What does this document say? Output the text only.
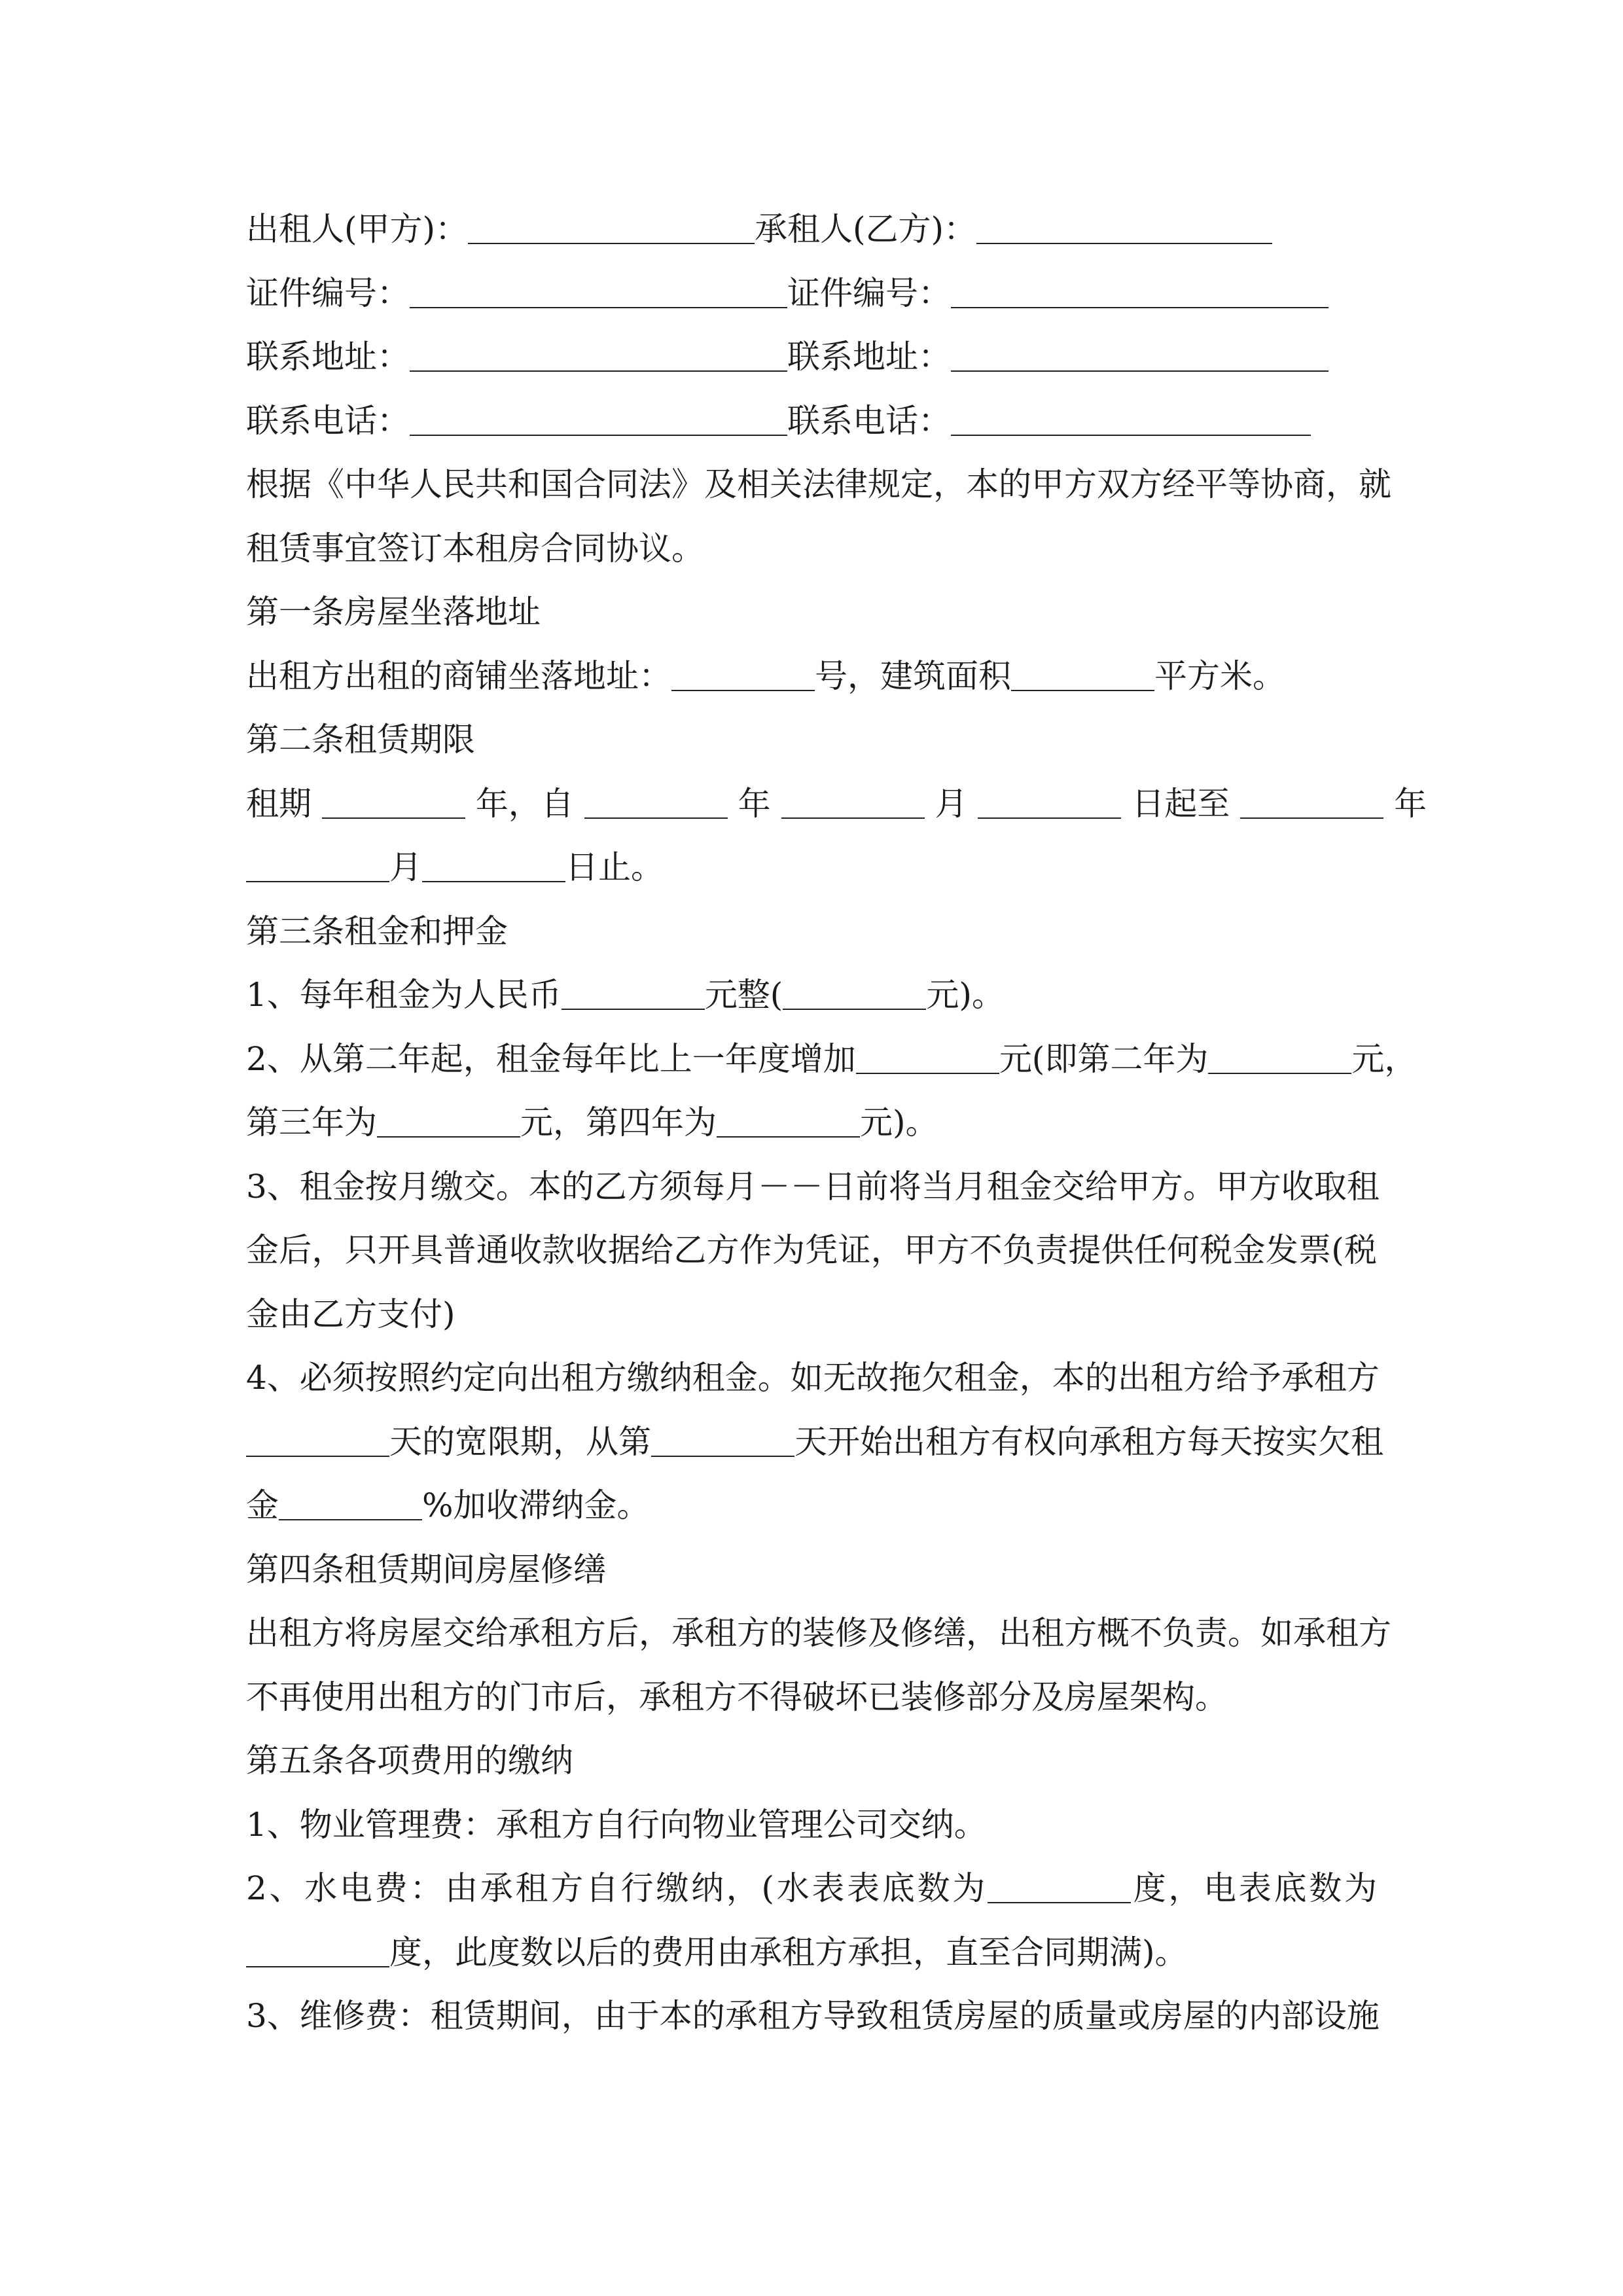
出租人(甲方)：	承租人(乙方)：
证件编号：	证件编号：
联系地址：	联系地址：
联系电话：	联系电话：
根据《中华人民共和国合同法》及相关法律规定，本的甲方双方经平等协商，就
租赁事宜签订本租房合同协议。
第一条房屋坐落地址
出租方出租的商铺坐落地址：	号，建筑面积	平方米。
第二条租赁期限
租期	年，自	年	月	日起至	年
月	日止。
第三条租金和押金
1、每年租金为人民币	元整(	元)。
2、从第二年起，租金每年比上一年度增加	元(即第二年为	元，
第三年为	元，第四年为	元)。
3、租金按月缴交。本的乙方须每月－－日前将当月租金交给甲方。甲方收取租
金后，只开具普通收款收据给乙方作为凭证，甲方不负责提供任何税金发票(税
金由乙方支付)
4、必须按照约定向出租方缴纳租金。如无故拖欠租金，本的出租方给予承租方
天的宽限期，从第	天开始出租方有权向承租方每天按实欠租
金	%加收滞纳金。
第四条租赁期间房屋修缮
出租方将房屋交给承租方后，承租方的装修及修缮，出租方概不负责。如承租方
不再使用出租方的门市后，承租方不得破坏已装修部分及房屋架构。
第五条各项费用的缴纳
1、物业管理费：承租方自行向物业管理公司交纳。
2、水电费：由承租方自行缴纳，(水表表底数为	度，电表底数为
度，此度数以后的费用由承租方承担，直至合同期满)。
3、维修费：租赁期间，由于本的承租方导致租赁房屋的质量或房屋的内部设施
